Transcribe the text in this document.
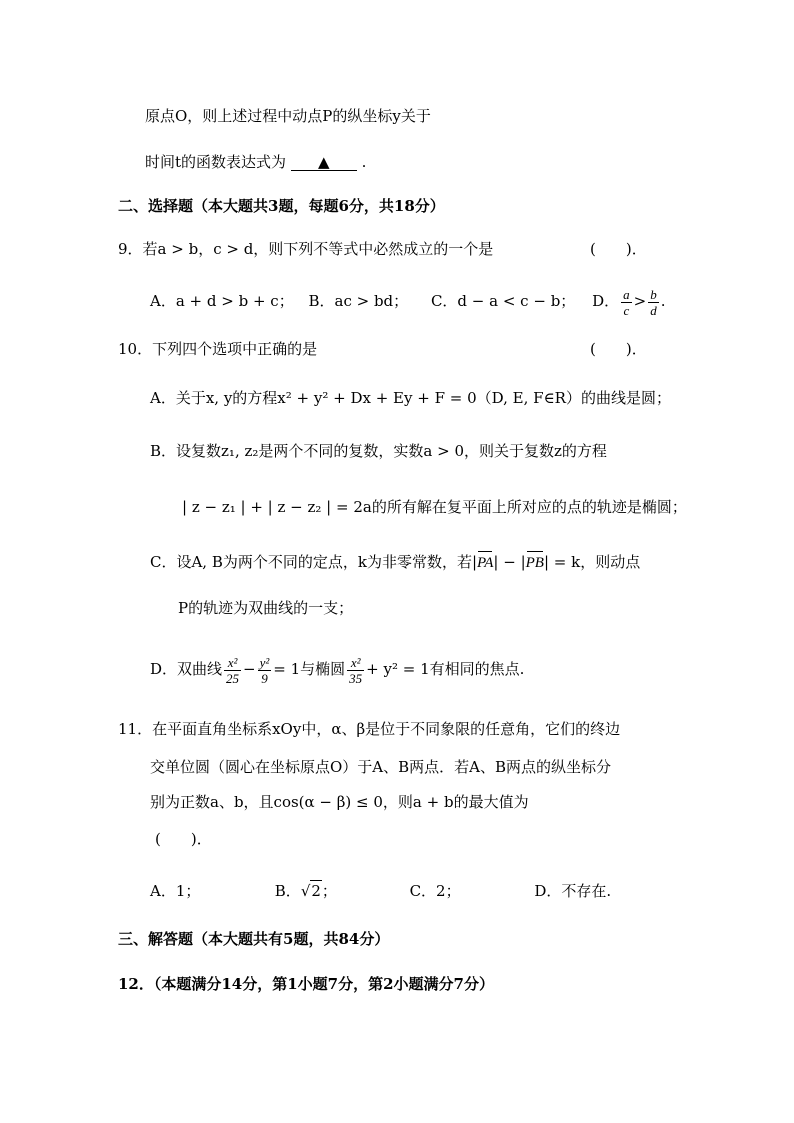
原点O，则上述过程中动点P的纵坐标y关于
时间t的函数表达式为 ▲ .
二、选择题（本大题共3题，每题6分，共18分）
9．若a > b，c > d，则下列不等式中必然成立的一个是	(　　)．
A．a + d > b + c； B．ac > bd； C．d − a < c − b； D． $\frac{a}{c} > \frac{b}{d}$ .
10．下列四个选项中正确的是	(　　)．
A．关于x, y的方程x² + y² + Dx + Ey + F = 0（D, E, F∈R）的曲线是圆；
B．设复数z₁, z₂是两个不同的复数，实数a > 0，则关于复数z的方程
| z − z₁ | + | z − z₂ | = 2a的所有解在复平面上所对应的点的轨迹是椭圆；
C．设A, B为两个不同的定点，k为非零常数，若|PA| − |PB| = k，则动点
P的轨迹为双曲线的一支；
D．双曲线 $\frac{\text{x²}}{25} - \frac{\text{y²}}{9} = 1$与椭圆 $\frac{\text{x²}}{35} + y^2 = 1$有相同的焦点.
11．在平面直角坐标系xOy中，α、β是位于不同象限的任意角，它们的终边
交单位圆（圆心在坐标原点O）于A、B两点．若A、B两点的纵坐标分
别为正数a、b，且cos(α − β) ≤ 0，则a + b的最大值为
(　　)．
A．1；	B．√2；	C．2；	D．不存在.
三、解答题（本大题共有5题，共84分）
12．（本题满分14分，第1小题7分，第2小题满分7分）
